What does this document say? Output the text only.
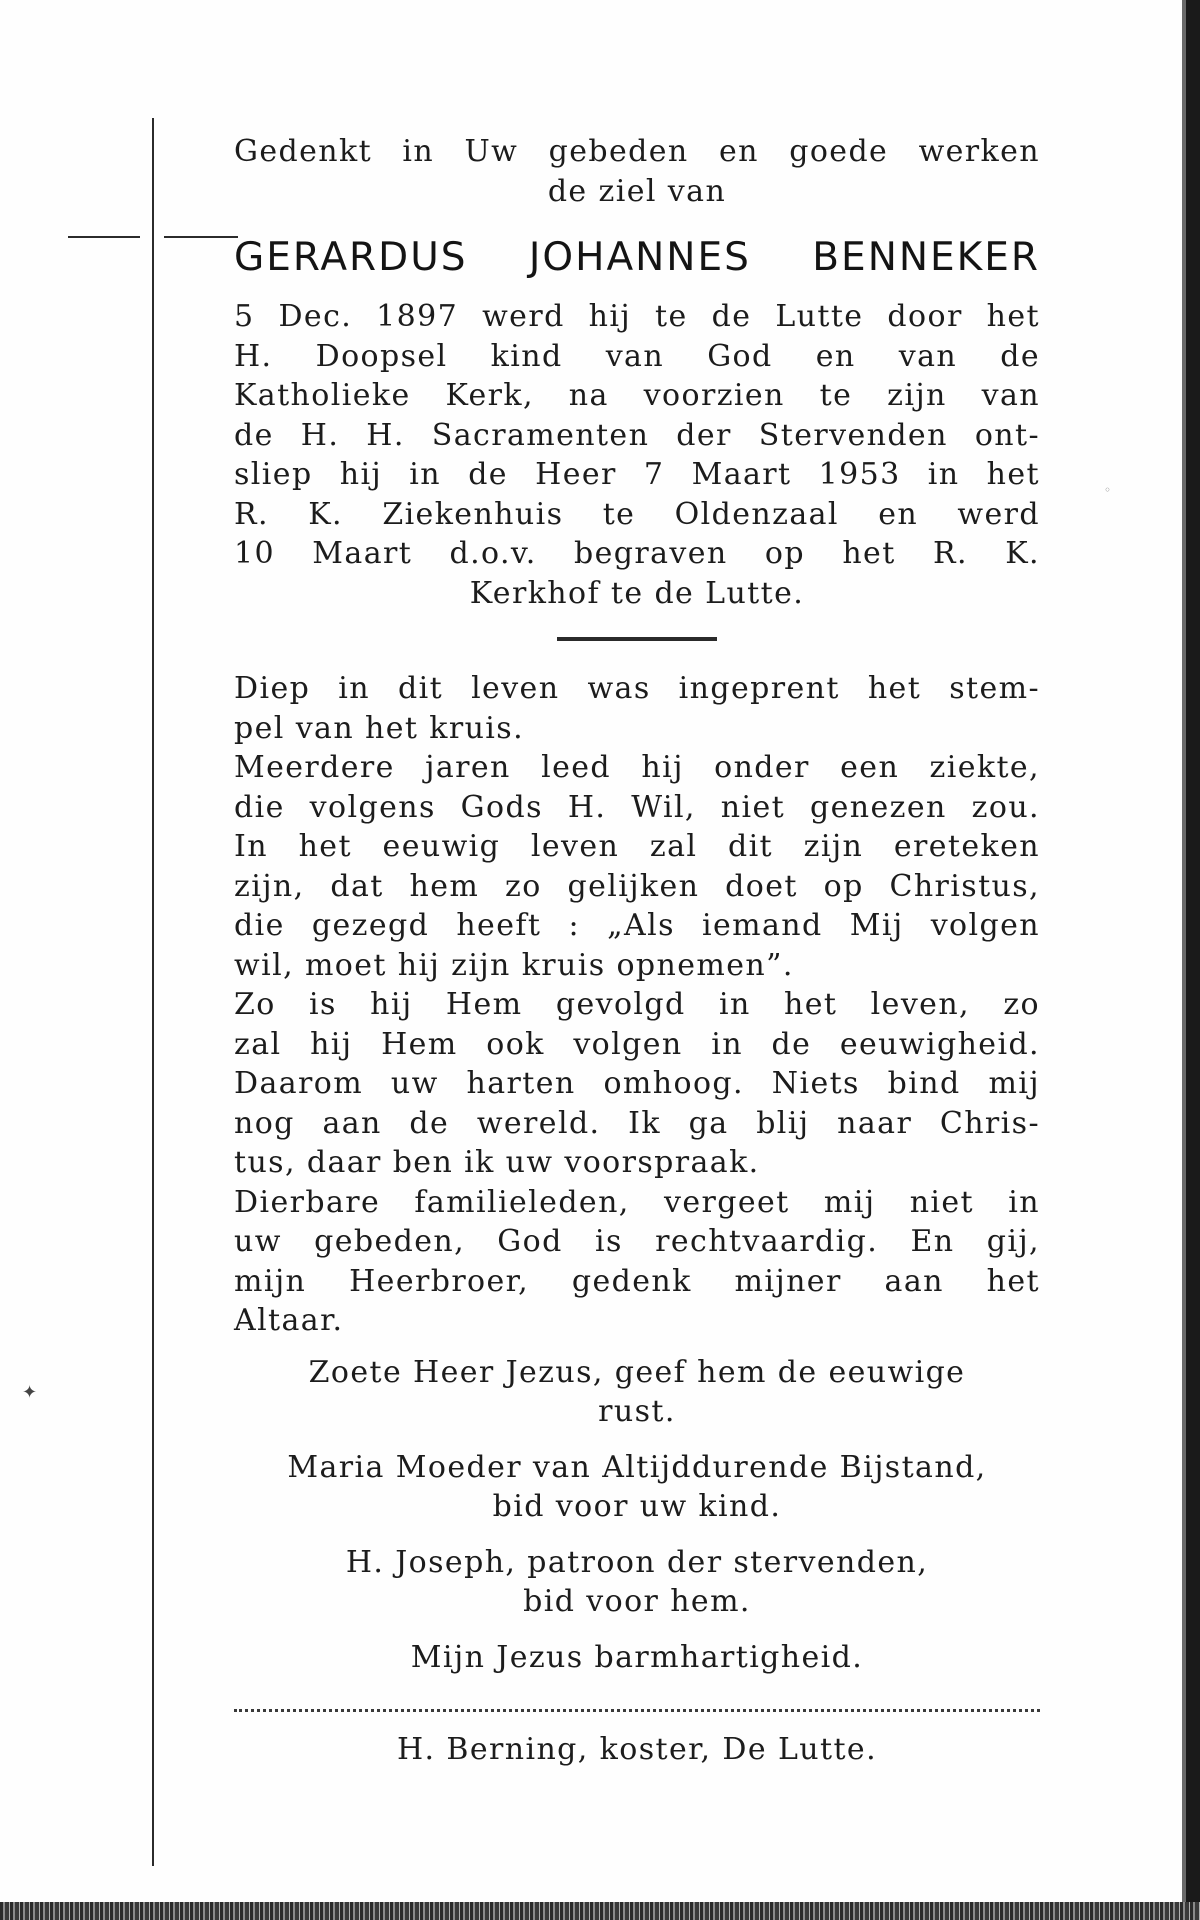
✦
◦
Gedenkt in Uw gebeden en goede werken
de ziel van
GERARDUS JOHANNES BENNEKER
5 Dec. 1897 werd hij te de Lutte door het
H. Doopsel kind van God en van de
Katholieke Kerk, na voorzien te zijn van
de H. H. Sacramenten der Stervenden ont-
sliep hij in de Heer 7 Maart 1953 in het
R. K. Ziekenhuis te Oldenzaal en werd
10 Maart d.o.v. begraven op het R. K.
Kerkhof te de Lutte.
Diep in dit leven was ingeprent het stem-
pel van het kruis.
Meerdere jaren leed hij onder een ziekte,
die volgens Gods H. Wil, niet genezen zou.
In het eeuwig leven zal dit zijn ereteken
zijn, dat hem zo gelijken doet op Christus,
die gezegd heeft : „Als iemand Mij volgen
wil, moet hij zijn kruis opnemen”.
Zo is hij Hem gevolgd in het leven, zo
zal hij Hem ook volgen in de eeuwigheid.
Daarom uw harten omhoog. Niets bind mij
nog aan de wereld. Ik ga blij naar Chris-
tus, daar ben ik uw voorspraak.
Dierbare familieleden, vergeet mij niet in
uw gebeden, God is rechtvaardig. En gij,
mijn Heerbroer, gedenk mijner aan het
Altaar.
Zoete Heer Jezus, geef hem de eeuwige
rust.
Maria Moeder van Altijddurende Bijstand,
bid voor uw kind.
H. Joseph, patroon der stervenden,
bid voor hem.
Mijn Jezus barmhartigheid.
H. Berning, koster, De Lutte.
